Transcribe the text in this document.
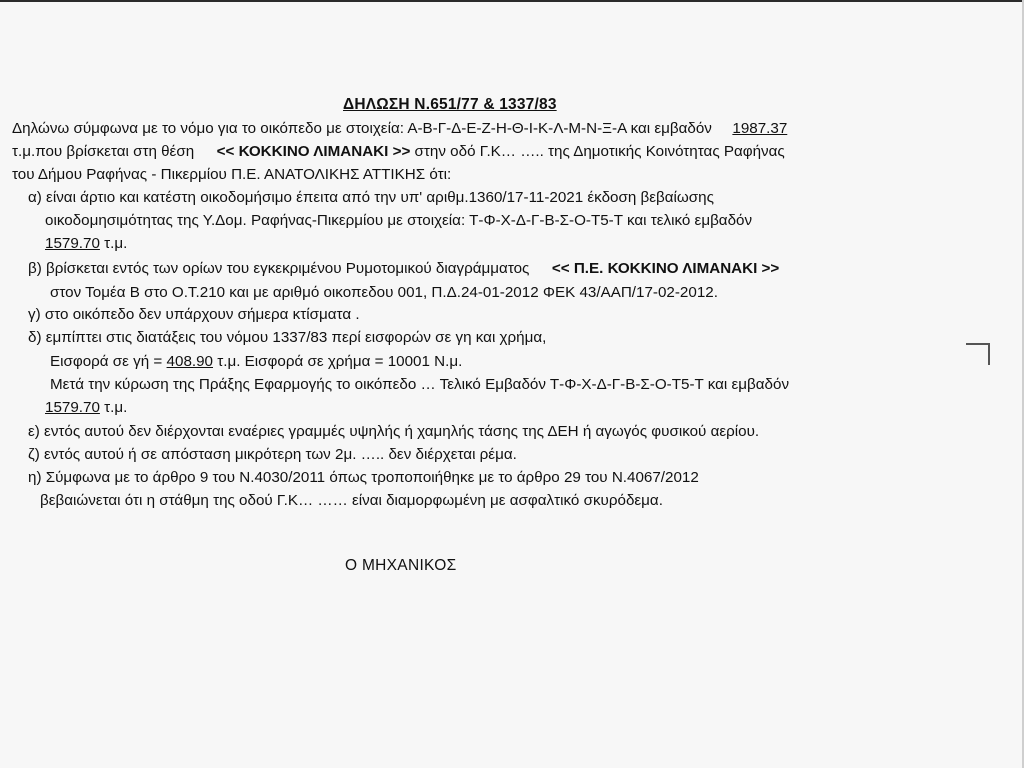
ΔΗΛΩΣΗ Ν.651/77 & 1337/83
Δηλώνω σύμφωνα με το νόμο για το οικόπεδο με στοιχεία: Α-Β-Γ-Δ-Ε-Ζ-Η-Θ-Ι-Κ-Λ-Μ-Ν-Ξ-Α και εμβαδόν 1987.37
τ.μ.που βρίσκεται στη θέση << ΚΟΚΚΙΝΟ ΛΙΜΑΝΑΚΙ >> στην οδό Γ.Κ… ….. της Δημοτικής Κοινότητας Ραφήνας
του Δήμου Ραφήνας - Πικερμίου Π.Ε. ΑΝΑΤΟΛΙΚΗΣ ΑΤΤΙΚΗΣ ότι:
α) είναι άρτιο και κατέστη οικοδομήσιμο έπειτα από την υπ' αριθμ.1360/17-11-2021 έκδοση βεβαίωσης
οικοδομησιμότητας της Υ.Δομ. Ραφήνας-Πικερμίου με στοιχεία: Τ-Φ-Χ-Δ-Γ-Β-Σ-Ο-Τ5-Τ και τελικό εμβαδόν
1579.70 τ.μ.
β) βρίσκεται εντός των ορίων του εγκεκριμένου Ρυμοτομικού διαγράμματος << Π.Ε. ΚΟΚΚΙΝΟ ΛΙΜΑΝΑΚΙ >>
στον Τομέα Β στο Ο.Τ.210 και με αριθμό οικοπεδου 001, Π.Δ.24-01-2012 ΦΕΚ 43/ΑΑΠ/17-02-2012.
γ) στο οικόπεδο δεν υπάρχουν σήμερα κτίσματα .
δ) εμπίπτει στις διατάξεις του νόμου 1337/83 περί εισφορών σε γη και χρήμα,
Εισφορά σε γή = 408.90 τ.μ. Εισφορά σε χρήμα = 10001 Ν.μ.
Μετά την κύρωση της Πράξης Εφαρμογής το οικόπεδο … Τελικό Εμβαδόν Τ-Φ-Χ-Δ-Γ-Β-Σ-Ο-Τ5-Τ και εμβαδόν
1579.70 τ.μ.
ε) εντός αυτού δεν διέρχονται εναέριες γραμμές υψηλής ή χαμηλής τάσης της ΔΕΗ ή αγωγός φυσικού αερίου.
ζ) εντός αυτού ή σε απόσταση μικρότερη των 2μ. ….. δεν διέρχεται ρέμα.
η) Σύμφωνα με το άρθρο 9 του Ν.4030/2011 όπως τροποποιήθηκε με το άρθρο 29 του Ν.4067/2012
βεβαιώνεται ότι η στάθμη της οδού Γ.Κ… …… είναι διαμορφωμένη με ασφαλτικό σκυρόδεμα.
Ο ΜΗΧΑΝΙΚΟΣ
